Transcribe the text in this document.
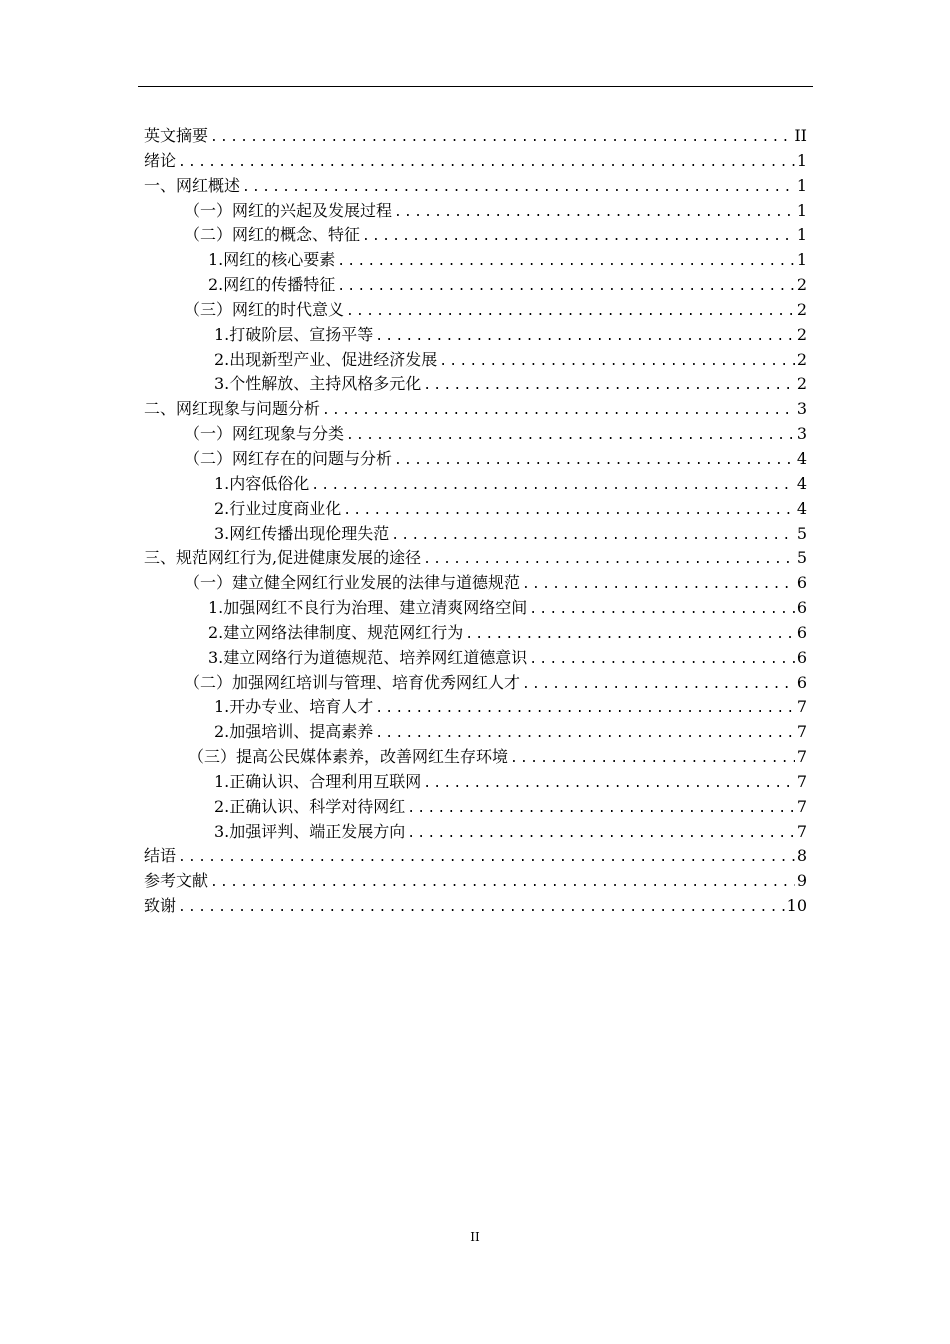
英文摘要 .....	II
绪论 .....	1
一、网红概述 .....	1
（一）网红的兴起及发展过程 .....	1
（二）网红的概念、特征 .....	1
1.网红的核心要素 .....	1
2.网红的传播特征 .....	2
（三）网红的时代意义 .....	2
1.打破阶层、宣扬平等 .....	2
2.出现新型产业、促进经济发展 .....	2
3.个性解放、主持风格多元化 .....	2
二、网红现象与问题分析 .....	3
（一）网红现象与分类 .....	3
（二）网红存在的问题与分析 .....	4
1.内容低俗化 .....	4
2.行业过度商业化 .....	4
3.网红传播出现伦理失范 .....	5
三、规范网红行为,促进健康发展的途径 .....	5
（一）建立健全网红行业发展的法律与道德规范 .....	6
1.加强网红不良行为治理、建立清爽网络空间 .....	6
2.建立网络法律制度、规范网红行为 .....	6
3.建立网络行为道德规范、培养网红道德意识 .....	6
（二）加强网红培训与管理、培育优秀网红人才 .....	6
1.开办专业、培育人才 .....	7
2.加强培训、提高素养 .....	7
（三）提高公民媒体素养，改善网红生存环境 .....	7
1.正确认识、合理利用互联网 .....	7
2.正确认识、科学对待网红 .....	7
3.加强评判、端正发展方向 .....	7
结语 .....	8
参考文献 .....	9
致谢 .....	10
II
